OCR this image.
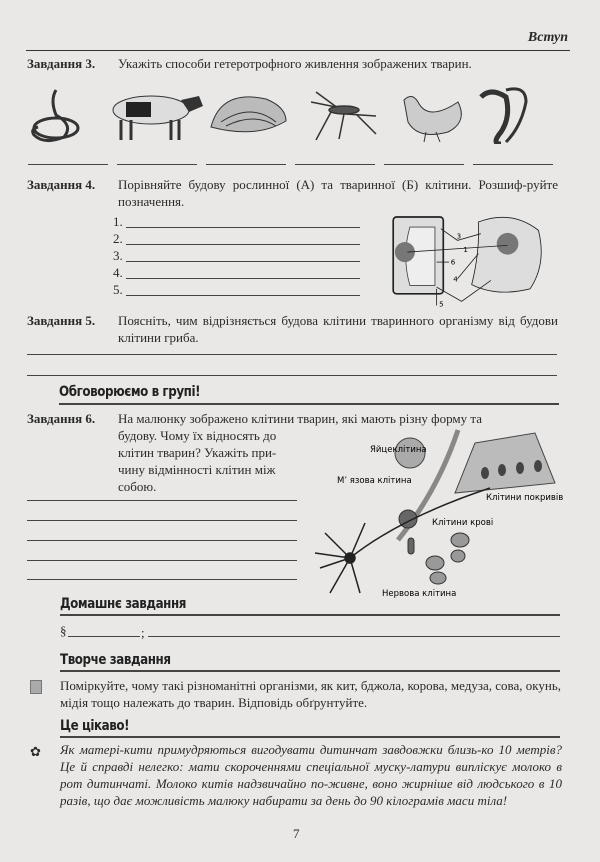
Вступ
Завдання 3. Укажіть способи гетеротрофного живлення зображених тварин.
Завдання 4. Порівняйте будову рослинної (А) та тваринної (Б) клітини. Розшиф-руйте позначення.
1.
2.
3.
4.
5.
3
1
6
4
5
Завдання 5. Поясніть, чим відрізняється будова клітини тваринного організму від будови клітини гриба.
Обговорюємо в групі!
Завдання 6. На малюнку зображено клітини тварин, які мають різну форму та
будову. Чому їх відносять до клітин тварин? Укажіть при-чину відмінності клітин між собою.
Яйцеклітина
М’ язова клітина
Клітини покривів
Клітини крові
Нервова клітина
Домашнє завдання
§	;
Творче завдання
Поміркуйте, чому такі різноманітні організми, як кит, бджола, корова, медуза, сова, окунь, мідія тощо належать до тварин. Відповідь обґрунтуйте.
Це цікаво!
✿ Як матері-кити примудряються вигодувати дитинчат завдовжки близь-ко 10 метрів? Це й справді нелегко: мати скороченнями спеціальної муску-латури випліскує молоко в рот дитинчаті. Молоко китів надзвичайно по-живне, воно жирніше від людського в 10 разів, що дає можливість малюку набирати за день до 90 кілограмів маси тіла!
7
